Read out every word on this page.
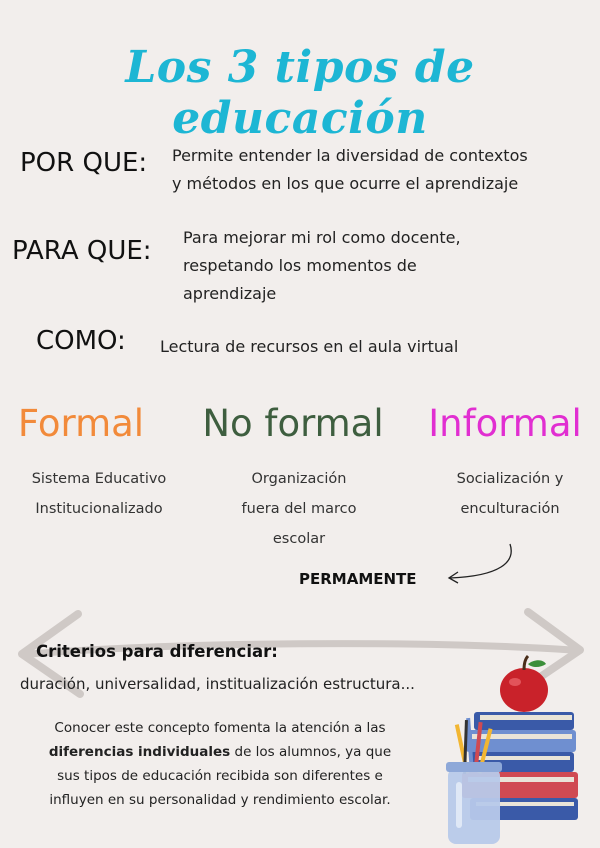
Los 3 tipos de educación
POR QUE: Permite entender la diversidad de contextos
y métodos en los que ocurre el aprendizaje
PARA QUE: Para mejorar mi rol como docente,
respetando los momentos de
aprendizaje
COMO: Lectura de recursos en el aula virtual
Formal	No formal	Informal
Sistema Educativo
Institucionalizado
Organización
fuera del marco
escolar
Socialización y
enculturación
PERMAMENTE
Criterios para diferenciar:
duración, universalidad, institualización estructura...
Conocer este concepto fomenta la atención a las
diferencias individuales de los alumnos, ya que
sus tipos de educación recibida son diferentes e
influyen en su personalidad y rendimiento escolar.
